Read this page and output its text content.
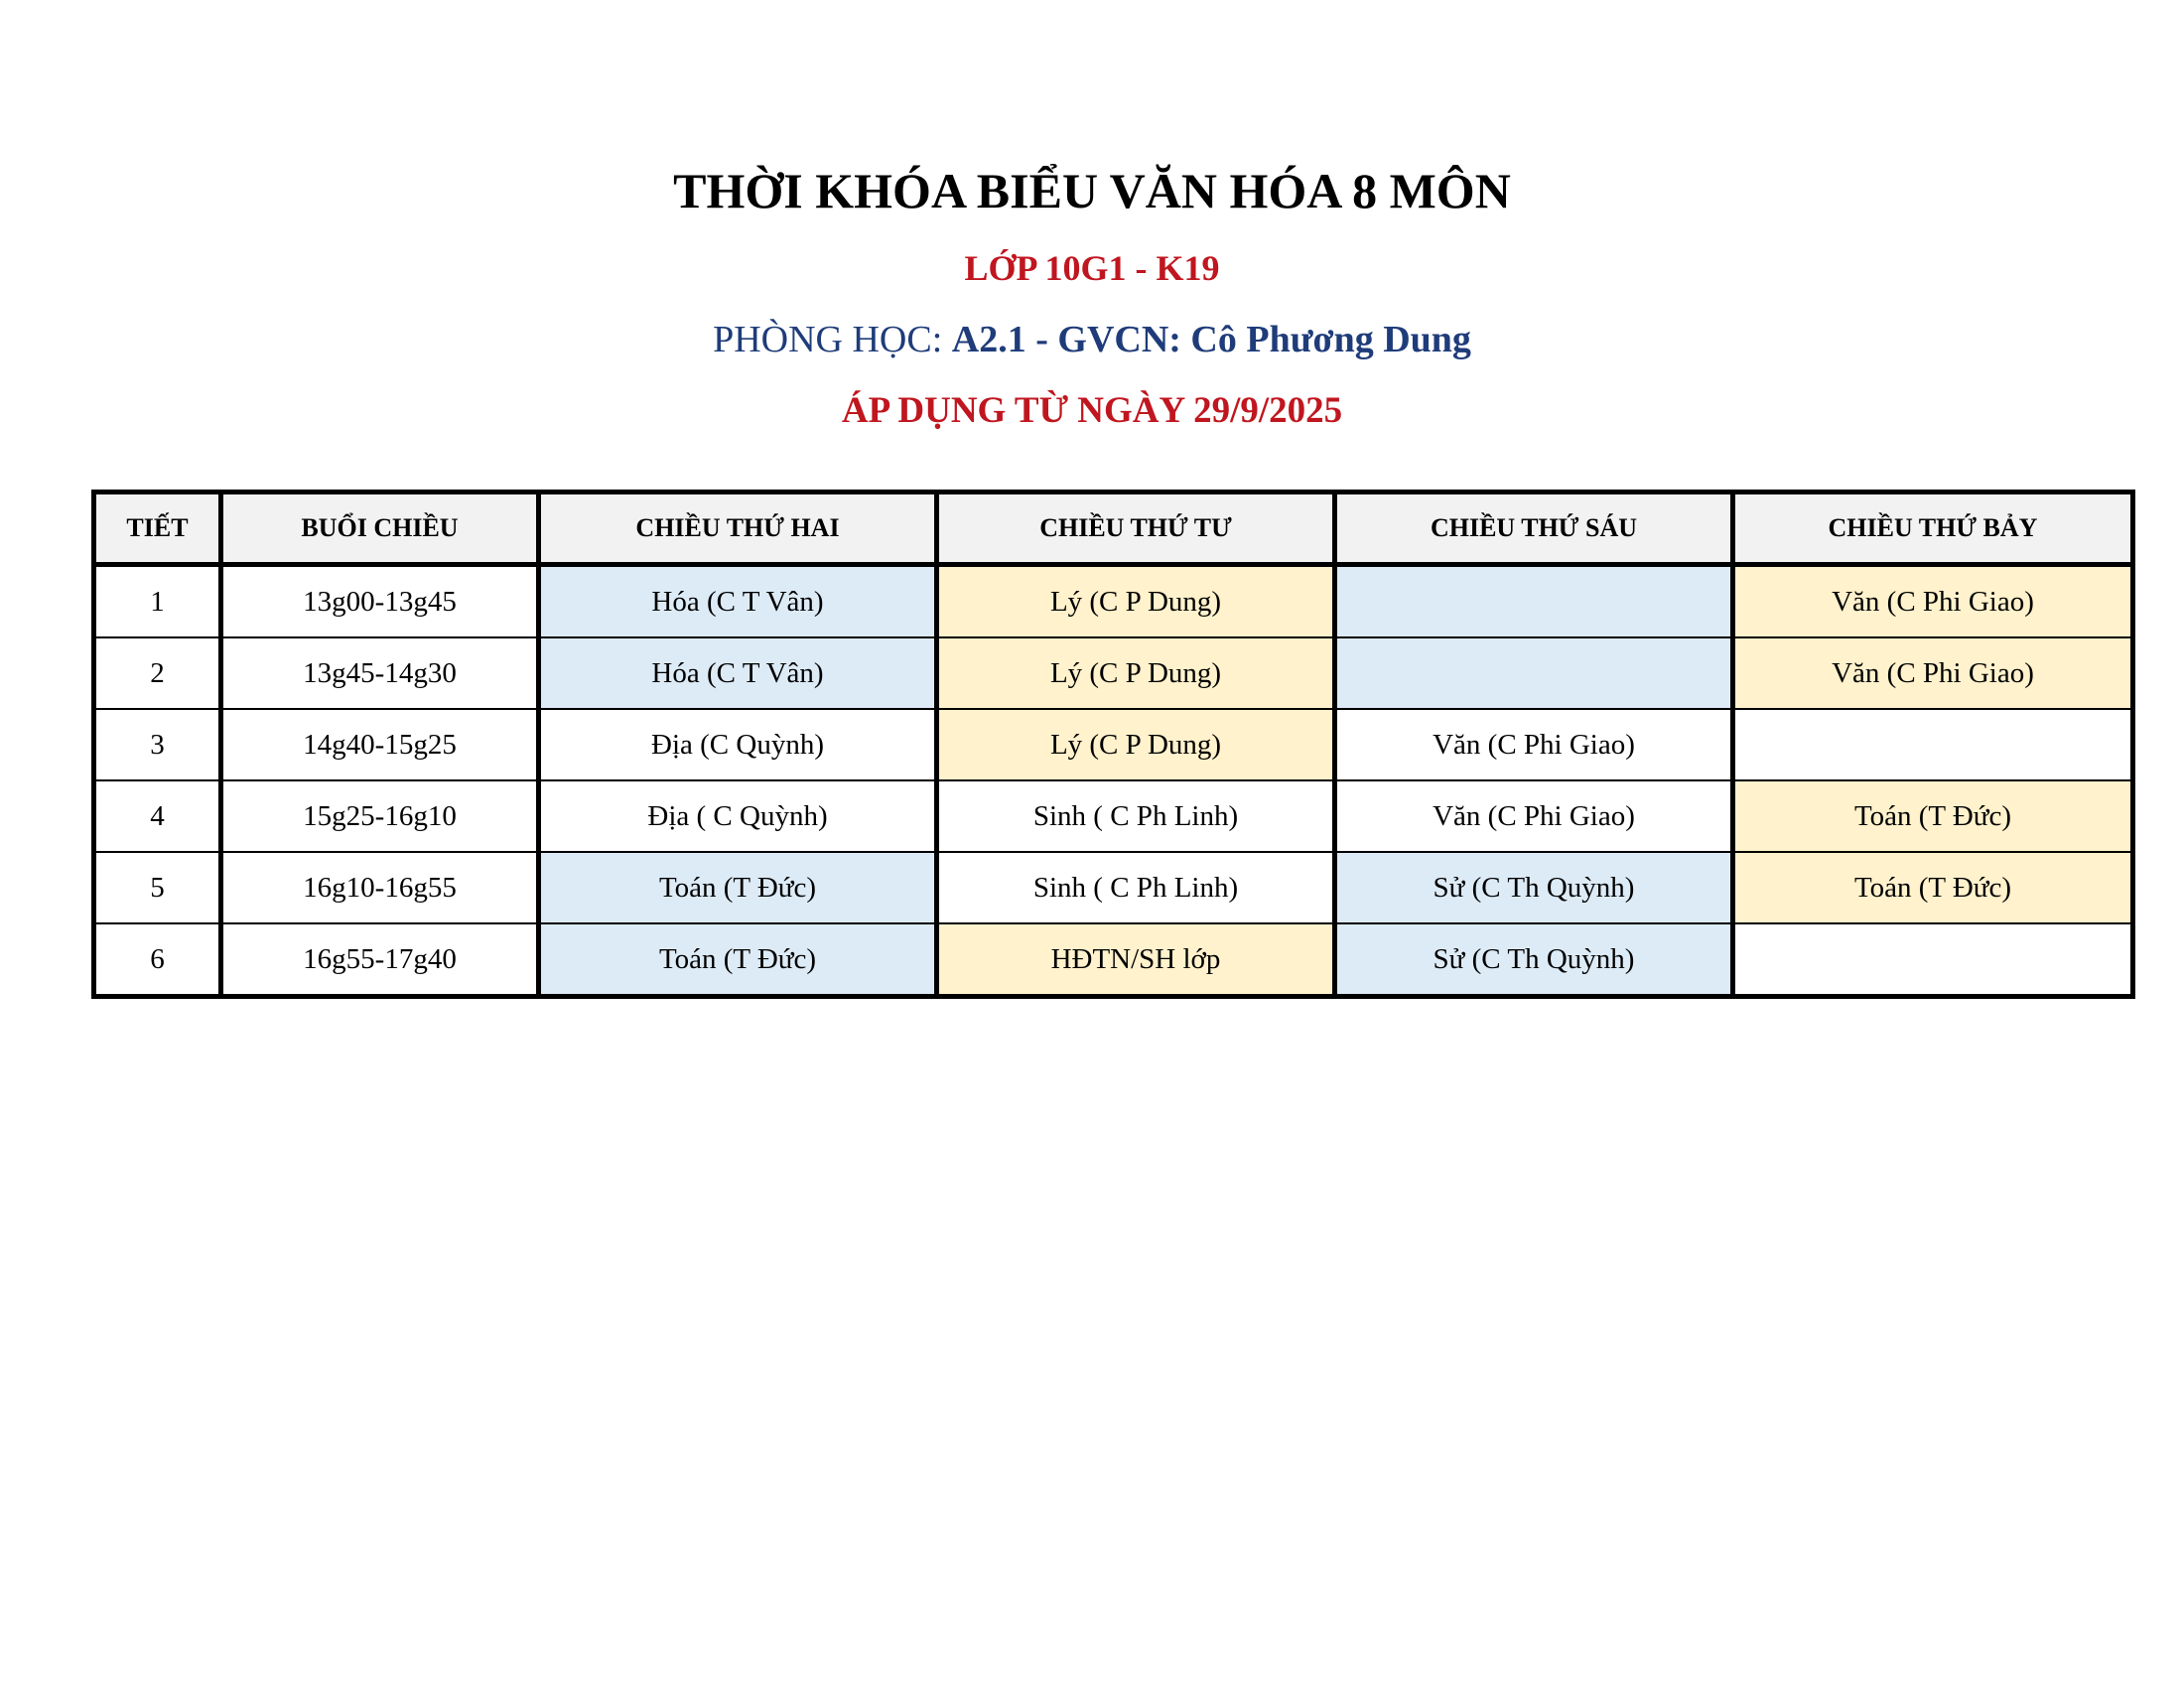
THỜI KHÓA BIỂU VĂN HÓA 8 MÔN
LỚP 10G1 - K19
PHÒNG HỌC: A2.1 - GVCN: Cô Phương Dung
ÁP DỤNG TỪ NGÀY 29/9/2025
TIẾT	BUỔI CHIỀU	CHIỀU THỨ HAI	CHIỀU THỨ TƯ	CHIỀU THỨ SÁU	CHIỀU THỨ BẢY
1	13g00-13g45	Hóa (C T Vân)	Lý (C P Dung)		Văn (C Phi Giao)
2	13g45-14g30	Hóa (C T Vân)	Lý (C P Dung)		Văn (C Phi Giao)
3	14g40-15g25	Địa (C Quỳnh)	Lý (C P Dung)	Văn (C Phi Giao)	
4	15g25-16g10	Địa ( C Quỳnh)	Sinh ( C Ph Linh)	Văn (C Phi Giao)	Toán (T Đức)
5	16g10-16g55	Toán (T Đức)	Sinh ( C Ph Linh)	Sử (C Th Quỳnh)	Toán (T Đức)
6	16g55-17g40	Toán (T Đức)	HĐTN/SH lớp	Sử (C Th Quỳnh)	
